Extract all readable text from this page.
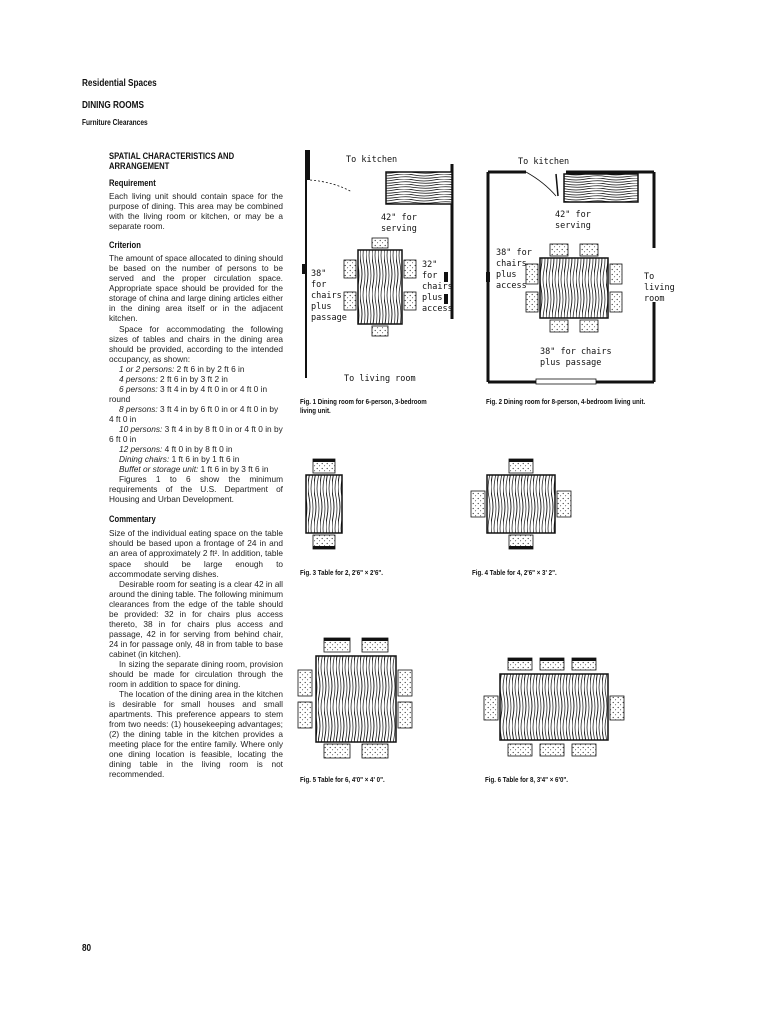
Residential Spaces
DINING ROOMS
Furniture Clearances
SPATIAL CHARACTERISTICS AND
ARRANGEMENT
Requirement
Each living unit should contain space for the purpose of dining. This area may be combined with the living room or kitchen, or may be a separate room.
Criterion
The amount of space allocated to dining should be based on the number of persons to be served and the proper circulation space. Appropriate space should be provided for the storage of china and large dining articles either in the dining area itself or in the adjacent kitchen.
Space for accommodating the following sizes of tables and chairs in the dining area should be provided, according to the intended occupancy, as shown:
1 or 2 persons: 2 ft 6 in by 2 ft 6 in
4 persons: 2 ft 6 in by 3 ft 2 in
6 persons: 3 ft 4 in by 4 ft 0 in or 4 ft 0 in round
8 persons: 3 ft 4 in by 6 ft 0 in or 4 ft 0 in by 4 ft 0 in
10 persons: 3 ft 4 in by 8 ft 0 in or 4 ft 0 in by 6 ft 0 in
12 persons: 4 ft 0 in by 8 ft 0 in
Dining chairs: 1 ft 6 in by 1 ft 6 in
Buffet or storage unit: 1 ft 6 in by 3 ft 6 in
Figures 1 to 6 show the minimum requirements of the U.S. Department of Housing and Urban Development.
Commentary
Size of the individual eating space on the table should be based upon a frontage of 24 in and an area of approximately 2 ft². In addition, table space should be large enough to accommodate serving dishes.
Desirable room for seating is a clear 42 in all around the dining table. The following minimum clearances from the edge of the table should be provided: 32 in for chairs plus access thereto, 38 in for chairs plus access and passage, 42 in for serving from behind chair, 24 in for passage only, 48 in from table to base cabinet (in kitchen).
In sizing the separate dining room, provision should be made for circulation through the room in addition to space for dining.
The location of the dining area in the kitchen is desirable for small houses and small apartments. This preference appears to stem from two needs: (1) housekeeping advantages; (2) the dining table in the kitchen provides a meeting place for the entire family. Where only one dining location is feasible, locating the dining table in the living room is not recommended.
To kitchen
42" for
serving
38"
for
chairs
plus
passage
32"
for
chairs
plus
access
To living room
Fig. 1 Dining room for 6-person, 3-bedroom
living unit.
To kitchen
42" for
serving
38" for
chairs
plus
access
To
living
room
38" for chairs
plus passage
Fig. 2 Dining room for 8-person, 4-bedroom living unit.
Fig. 3 Table for 2, 2'6" × 2'6".	Fig. 4 Table for 4, 2'6" × 3' 2".
Fig. 5 Table for 6, 4'0" × 4' 0".	Fig. 6 Table for 8, 3'4" × 6'0".
80
